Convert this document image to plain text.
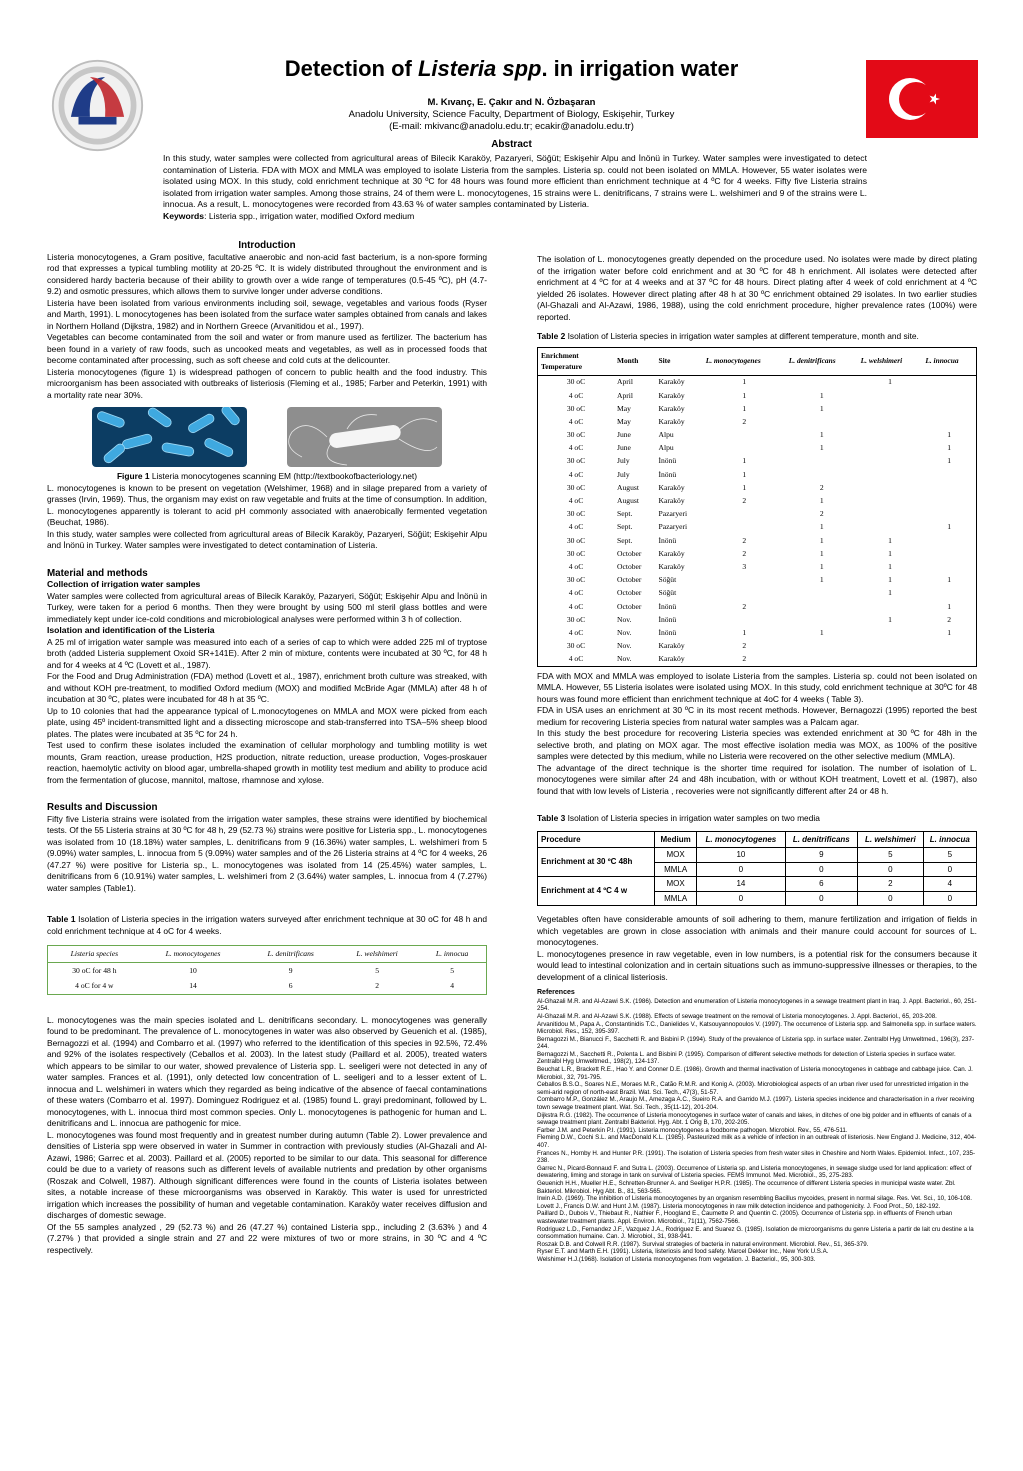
Detection of Listeria spp. in irrigation water
M. Kıvanç, E. Çakır and N. Özbaşaran
Anadolu University, Science Faculty, Department of Biology, Eskişehir, Turkey
(E-mail: mkivanc@anadolu.edu.tr; ecakir@anadolu.edu.tr)
Abstract

In this study, water samples were collected from agricultural areas of Bilecik Karaköy, Pazaryeri, Söğüt; Eskişehir Alpu and İnönü in Turkey. Water samples were investigated to detect contamination of Listeria. FDA with MOX and MMLA was employed to isolate Listeria from the samples. Listeria sp. could not been isolated on MMLA. However, 55 water isolates were isolated using MOX. In this study, cold enrichment technique at 30 ºC for 48 hours was found more efficient than enrichment technique at 4 ºC for 4 weeks. Fifty five Listeria strains isolated from irrigation water samples. Among those strains, 24 of them were L. monocytogenes, 15 strains were L. denitrificans, 7 strains were L. welshimeri and 9 of the strains were L. innocua. As a result, L. monocytogenes were recorded from 43.63 % of water samples contaminated by Listeria.

Keywords: Listeria spp., irrigation water, modified Oxford medium

Introduction

Listeria monocytogenes, a Gram positive, facultative anaerobic and non-acid fast bacterium, is a non-spore forming rod that expresses a typical tumbling motility at 20-25 ºC. It is widely distributed throughout the environment and is considered hardy bacteria because of their ability to growth over a wide range of temperatures (0.5-45 ºC), pH (4.7-9.2) and osmotic pressures, which allows them to survive longer under adverse conditions.

Listeria have been isolated from various environments including soil, sewage, vegetables and various foods (Ryser and Marth, 1991). L monocytogenes has been isolated from the surface water samples obtained from canals and lakes in Northern Holland (Dijkstra, 1982) and in Northern Greece (Arvanitidou et al., 1997).

Vegetables can become contaminated from the soil and water or from manure used as fertilizer. The bacterium has been found in a variety of raw foods, such as uncooked meats and vegetables, as well as in processed foods that become contaminated after processing, such as soft cheese and cold cuts at the delicounter.

Listeria monocytogenes (figure 1) is widespread pathogen of concern to public health and the food industry. This microorganism has been associated with outbreaks of listeriosis (Fleming et al., 1985; Farber and Peterkin, 1991) with a mortality rate near 30%.

Figure 1 Listeria monocytogenes scanning EM (http://textbookofbacteriology.net)

L. monocytogenes is known to be present on vegetation (Welshimer, 1968) and in silage prepared from a variety of grasses (Irvin, 1969). Thus, the organism may exist on raw vegetable and fruits at the time of consumption. In addition, L. monocytogenes apparently is tolerant to acid pH commonly associated with anaerobically fermented vegetation (Beuchat, 1986).

In this study, water samples were collected from agricultural areas of Bilecik Karaköy, Pazaryeri, Söğüt; Eskişehir Alpu and İnönü in Turkey. Water samples were investigated to detect contamination of Listeria.

Material and methods
Collection of irrigation water samples

Water samples were collected from agricultural areas of Bilecik Karaköy, Pazaryeri, Söğüt; Eskişehir Alpu and İnönü in Turkey, were taken for a period 6 months. Then they were brought by using 500 ml steril glass bottles and were immediately kept under ice-cold conditions and microbiological analyses were performed within 3 h of collection.

Isolation and identification of the Listeria

A 25 ml of irrigation water sample was measured into each of a series of cap to which were added 225 ml of tryptose broth (added Listeria supplement Oxoid SR+141E). After 2 min of mixture, contents were incubated at 30 ºC, for 48 h and for 4 weeks at 4 ºC (Lovett et al., 1987).

For the Food and Drug Administration (FDA) method (Lovett et al., 1987), enrichment broth culture was streaked, with and without KOH pre-treatment, to modified Oxford medium (MOX) and modified McBride Agar (MMLA) after 48 h of incubation at 30 ºC, plates were incubated for 48 h at 35 ºC.

Up to 10 colonies that had the appearance typical of L.monocytogenes on MMLA and MOX were picked from each plate, using 45º incident-transmitted light and a dissecting microscope and stab-transferred into TSA–5% sheep blood plates. The plates were incubated at 35 ºC for 24 h.

Test used to confirm these isolates included the examination of cellular morphology and tumbling motility is wet mounts, Gram reaction, urease production, H2S production, nitrate reduction, urease production, Voges-proskauer reaction, haemolytic activity on blood agar, umbrella-shaped growth in motility test medium and ability to produce acid from the fermentation of glucose, mannitol, maltose, rhamnose and xylose.

Results and Discussion

Fifty five Listeria strains were isolated from the irrigation water samples, these strains were identified by biochemical tests. Of the 55 Listeria strains at 30 ºC for 48 h, 29 (52.73 %) strains were positive for Listeria spp., L. monocytogenes was isolated from 10 (18.18%) water samples, L. denitrificans from 9 (16.36%) water samples, L. welshimeri from 5 (9.09%) water samples, L. innocua from 5 (9.09%) water samples and of the 26 Listeria strains at 4 ºC for 4 weeks, 26 (47.27 %) were positive for Listeria sp., L. monocytogenes was isolated from 14 (25.45%) water samples, L. denitrificans from 6 (10.91%) water samples, L. welshimeri from 2 (3.64%) water samples, L. innocua from 4 (7.27%) water samples (Table1).

Table 1 Isolation of Listeria species in the irrigation waters surveyed after enrichment technique at 30 oC for 48 h and cold enrichment technique at 4 oC for 4 weeks.

Listeria species	L. monocytogenes	L. denitrificans	L. welshimeri	L. innocua
30 oC for 48 h	10	9	5	5
4 oC for 4 w	14	6	2	4

L. monocytogenes was the main species isolated and L. denitrificans secondary. L. monocytogenes was generally found to be predominant. The prevalence of L. monocytogenes in water was also observed by Geuenich et al. (1985), Bernagozzi et al. (1994) and Combarro et al. (1997) who referred to the identification of this species in 92.5%, 72.4% and 92% of the isolates respectively (Ceballos et al. 2003). In the latest study (Paillard et al. 2005), treated waters which appears to be similar to our water, showed prevalence of Listeria spp. L. seeligeri were not detected in any of water samples. Frances et al. (1991), only detected low concentration of L. seeligeri and to a lesser extent of L. innocua and L. welshimeri in waters which they regarded as being indicative of the absence of faecal contaminations of these waters (Combarro et al. 1997). Dominguez Rodriguez et al. (1985) found L. grayi predominant, followed by L. monocytogenes, with L. innocua third most common species. Only L. monocytogenes is pathogenic for human and L. denitrificans and L. innocua are pathogenic for mice.

L. monocytogenes was found most frequently and in greatest number during autumn (Table 2). Lower prevalence and densities of Listeria spp were observed in water in Summer in contraction with previously studies (Al-Ghazali and Al-Azawi, 1986; Garrec et al. 2003). Paillard et al. (2005) reported to be similar to our data. This seasonal for difference could be due to a variety of reasons such as different levels of available nutrients and predation by other organisms (Roszak and Colwell, 1987). Although significant differences were found in the counts of Listeria isolates between sites, a notable increase of these microorganisms was observed in Karaköy. This water is used for unrestricted irrigation which increases the possibility of human and vegetable contamination. Karaköy water receives diffusion and discharges of domestic sewage.

Of the 55 samples analyzed , 29 (52.73 %) and 26 (47.27 %) contained Listeria spp., including 2 (3.63% ) and 4 (7.27% ) that provided a single strain and 27 and 22 were mixtures of two or more strains, in 30 ºC and 4 ºC respectively.

The isolation of L. monocytogenes greatly depended on the procedure used. No isolates were made by direct plating of the irrigation water before cold enrichment and at 30 ºC for 48 h enrichment. All isolates were detected after enrichment at 4 ºC for at 4 weeks and at 37 ºC for 48 hours. Direct plating after 4 week of cold enrichment at 4 ºC yielded 26 isolates. However direct plating after 48 h at 30 ºC enrichment obtained 29 isolates. In two earlier studies (Al-Ghazali and Al-Azawi, 1986, 1988), using the cold enrichment procedure, higher prevalence rates (100%) were reported.

Table 2 Isolation of Listeria species in irrigation water samples at different temperature, month and site.

Enrichment Temperature	Month	Site	L. monocytogenes	L. denitrificans	L. welshimeri	L. innocua
30 oC	April	Karaköy	1		1	
4 oC	April	Karaköy	1	1		
30 oC	May	Karaköy	1	1		
4 oC	May	Karaköy	2			
30 oC	June	Alpu		1		1
4 oC	June	Alpu		1		1
30 oC	July	İnönü	1			1
4 oC	July	İnönü	1			
30 oC	August	Karaköy	1	2		
4 oC	August	Karaköy	2	1		
30 oC	Sept.	Pazaryeri		2		
4 oC	Sept.	Pazaryeri		1		1
30 oC	Sept.	İnönü	2	1	1	
30 oC	October	Karaköy	2	1	1	
4 oC	October	Karaköy	3	1	1	
30 oC	October	Söğüt		1	1	1
4 oC	October	Söğüt			1	
4 oC	October	İnönü	2			1
30 oC	Nov.	İnönü			1	2
4 oC	Nov.	İnönü	1	1		1
30 oC	Nov.	Karaköy	2			
4 oC	Nov.	Karaköy	2			

FDA with MOX and MMLA was employed to isolate Listeria from the samples. Listeria sp. could not been isolated on MMLA. However, 55 Listeria isolates were isolated using MOX. In this study, cold enrichment technique at 30ºC for 48 hours was found more efficient than enrichment technique at 4oC for 4 weeks ( Table 3).

FDA in USA uses an enrichment at 30 ºC in its most recent methods. However, Bernagozzi (1995) reported the best medium for recovering Listeria species from natural water samples was a Palcam agar.

In this study the best procedure for recovering Listeria species was extended enrichment at 30 ºC for 48h in the selective broth, and plating on MOX agar. The most effective isolation media was MOX, as 100% of the positive samples were detected by this medium, while no Listeria were recovered on the other selective medium (MMLA).

The advantage of the direct technique is the shorter time required for isolation. The number of isolation of L. monocytogenes were similar after 24 and 48h incubation, with or without KOH treatment, Lovett et al. (1987), also found that with low levels of Listeria , recoveries were not significantly different after 24 or 48 h.

Table 3 Isolation of Listeria species in irrigation water samples on two media

Procedure	Medium	L. monocytogenes	L. denitrificans	L. welshimeri	L. innocua
Enrichment at 30 ºC 48h	MOX	10	9	5	5
	MMLA	0	0	0	0
Enrichment at 4 ºC 4 w	MOX	14	6	2	4
	MMLA	0	0	0	0

Vegetables often have considerable amounts of soil adhering to them, manure fertilization and irrigation of fields in which vegetables are grown in close association with animals and their manure could account for sources of L. monocytogenes.

L. monocytogenes presence in raw vegetable, even in low numbers, is a potential risk for the consumers because it would lead to intestinal colonization and in certain situations such as immuno-suppressive illnesses or therapies, to the development of a clinical listeriosis.

References

Al-Ghazali M.R. and Al-Azawi S.K. (1986). Detection and enumeration of Listeria monocytogenes in a sewage treatment plant in Iraq. J. Appl. Bacteriol., 60, 251-254.

Al-Ghazali M.R. and Al-Azawi S.K. (1988). Effects of sewage treatment on the removal of Listeria monocytogenes. J. Appl. Bacteriol., 65, 203-208.

Arvanitidou M., Papa A., Constantinidis T.C., Danielides V., Katsouyannopoulos V. (1997). The occurrence of Listeria spp. and Salmonella spp. in surface waters. Microbiol. Res., 152, 395-397.

Bernagozzi M., Bianucci F., Sacchetti R. and Bisbini P. (1994). Study of the prevalence of Listeria spp. in surface water. Zentralbl Hyg Umweltmed., 196(3), 237-244.

Bernagozzi M., Sacchetti R., Polenta L. and Bisbini P. (1995). Comparison of different selective methods for detection of Listeria species in surface water. Zentralbl Hyg Umweltmed., 198(2), 124-137.

Beuchat L.R., Brackett R.E., Hao Y. and Conner D.E. (1986). Growth and thermal inactivation of Listeria monocytogenes in cabbage and cabbage juice. Can. J. Microbiol., 32, 791-795.

Ceballos B.S.O., Soares N.E., Moraes M.R., Catão R.M.R. and Konig A. (2003). Microbiological aspects of an urban river used for unrestricted irrigation in the semi-arid region of north-east Brazil. Wat. Sci. Tech., 47(3), 51-57.

Combarro M.P., González M., Araujo M., Amezaga A.C., Sueiro R.A. and Garrido M.J. (1997). Listeria species incidence and characterisation in a river receiving town sewage treatment plant. Wat. Sci. Tech., 35(11-12), 201-204.

Dijkstra R.G. (1982). The occurrence of Listeria monocytogenes in surface water of canals and lakes, in ditches of one big polder and in effluents of canals of a sewage treatment plant. Zentralbl Bakteriol. Hyg. Abt. 1 Orig B, 170, 202-205.

Farber J.M. and Peterkin P.I. (1991). Listeria monocytogenes a foodborne pathogen. Microbiol. Rev., 55, 476-511.

Fleming D.W., Cochi S.L. and MacDonald K.L. (1985). Pasteurized milk as a vehicle of infection in an outbreak of listeriosis. New England J. Medicine, 312, 404-407.

Frances N., Hornby H. and Hunter P.R. (1991). The isolation of Listeria species from fresh water sites in Cheshire and North Wales. Epidemiol. Infect., 107, 235-238.

Garrec N., Picard-Bonnaud F. and Sutra L. (2003). Occurrence of Listeria sp. and Listeria monocytogenes, in sewage sludge used for land application: effect of dewatering, liming and storage in tank on survival of Listeria species. FEMS Immunol. Med. Microbiol., 35, 275-283.

Geuenich H.H., Mueller H.E., Schretten-Brunner A. and Seeliger H.P.R. (1985). The occurrence of different Listeria species in municipal waste water. Zbl. Bakteriol. Mikrobiol. Hyg Abt. B., 81, 563-565.

Irwin A.D. (1969). The inhibition of Listeria monocytogenes by an organism resembling Bacillus mycoides, present in normal silage. Res. Vet. Sci., 10, 106-108.

Lovett J., Francis D.W. and Hunt J.M. (1987). Listeria monocytogenes in raw milk detection incidence and pathogenicity. J. Food Prot., 50, 182-192.

Paillard D., Dubois V., Thiebaut R., Nathier F., Hoogland E., Caumette P. and Quentin C. (2005). Occurrence of Listeria spp. in effluents of French urban wastewater treatment plants. Appl. Environ. Microbiol., 71(11), 7562-7566.

Rodriguez L.D., Fernandez J.F., Vazquez J.A., Rodriguez E. and Suarez G. (1985). Isolation de microorganisms du genre Listeria a partir de lait cru destine a la consommation humaine. Can. J. Microbiol., 31, 938-941.

Roszak D.B. and Colwell R.R. (1987). Survival strategies of bacteria in natural environment. Microbiol. Rev., 51, 365-379.

Ryser E.T. and Marth E.H. (1991). Listeria, listeriosis and food safety. Marcel Dekker Inc., New York U.S.A.

Welshimer H.J.(1968). Isolation of Listeria monocytogenes from vegetation. J. Bacteriol., 95, 300-303.
